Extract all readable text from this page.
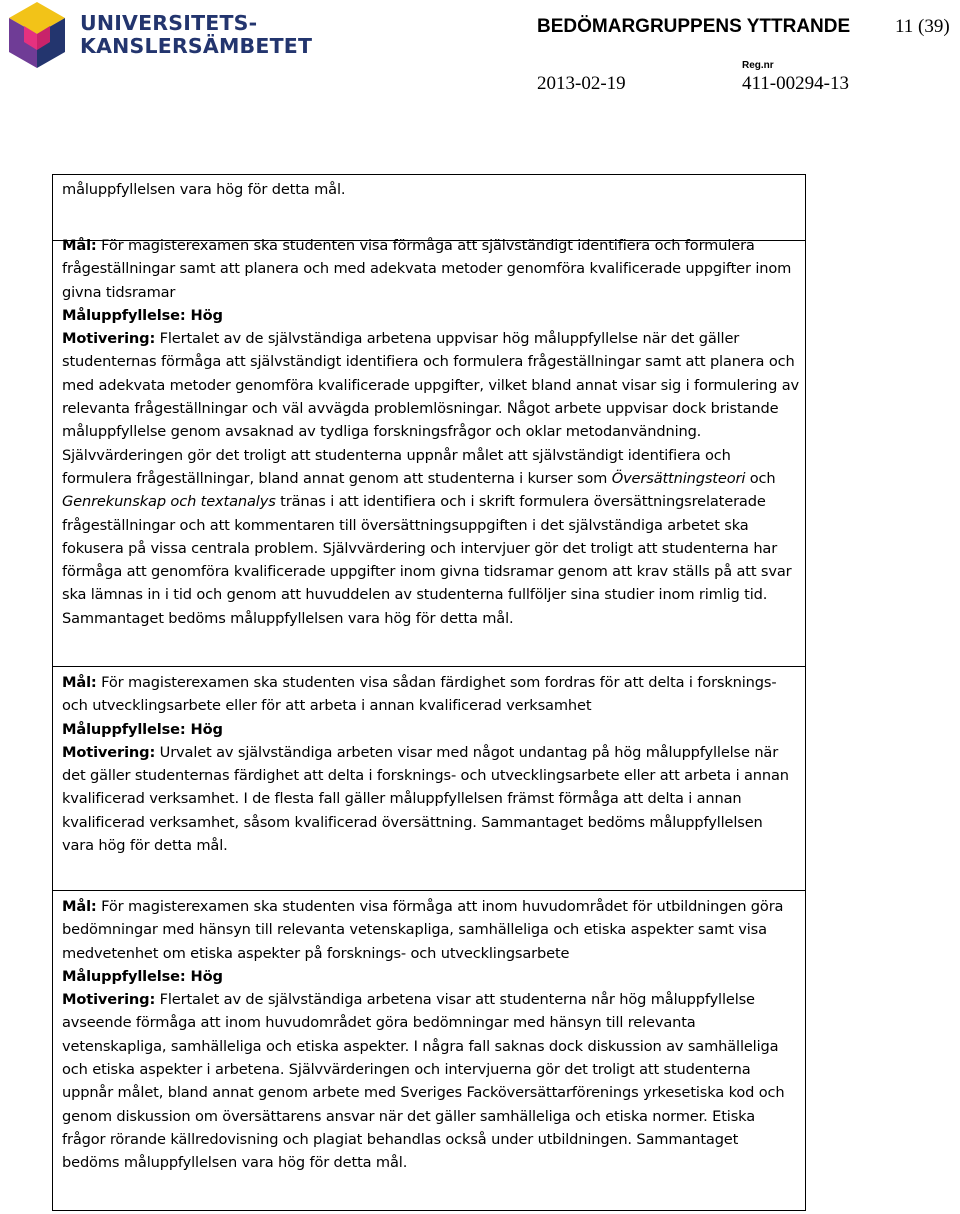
UNIVERSITETS-
KANSLERSÄMBETET
BEDÖMARGRUPPENS YTTRANDE 11 (39)
Reg.nr
2013-02-19	411-00294-13
måluppfyllelsen vara hög för detta mål.

Mål: För magisterexamen ska studenten visa förmåga att självständigt identifiera och formulera frågeställningar samt att planera och med adekvata metoder genomföra kvalificerade uppgifter inom givna tidsramar

Måluppfyllelse: Hög

Motivering: Flertalet av de självständiga arbetena uppvisar hög måluppfyllelse när det gäller studenternas förmåga att självständigt identifiera och formulera frågeställningar samt att planera och med adekvata metoder genomföra kvalificerade uppgifter, vilket bland annat visar sig i formulering av relevanta frågeställningar och väl avvägda problemlösningar. Något arbete uppvisar dock bristande måluppfyllelse genom avsaknad av tydliga forskningsfrågor och oklar metodanvändning. Självvärderingen gör det troligt att studenterna uppnår målet att självständigt identifiera och formulera frågeställningar, bland annat genom att studenterna i kurser som Översättningsteori och Genrekunskap och textanalys tränas i att identifiera och i skrift formulera översättningsrelaterade frågeställningar och att kommentaren till översättningsuppgiften i det självständiga arbetet ska fokusera på vissa centrala problem. Självvärdering och intervjuer gör det troligt att studenterna har förmåga att genomföra kvalificerade uppgifter inom givna tidsramar genom att krav ställs på att svar ska lämnas in i tid och genom att huvuddelen av studenterna fullföljer sina studier inom rimlig tid. Sammantaget bedöms måluppfyllelsen vara hög för detta mål.

Mål: För magisterexamen ska studenten visa sådan färdighet som fordras för att delta i forsknings- och utvecklingsarbete eller för att arbeta i annan kvalificerad verksamhet

Måluppfyllelse: Hög

Motivering: Urvalet av självständiga arbeten visar med något undantag på hög måluppfyllelse när det gäller studenternas färdighet att delta i forsknings- och utvecklingsarbete eller att arbeta i annan kvalificerad verksamhet. I de flesta fall gäller måluppfyllelsen främst förmåga att delta i annan kvalificerad verksamhet, såsom kvalificerad översättning. Sammantaget bedöms måluppfyllelsen vara hög för detta mål.

Mål: För magisterexamen ska studenten visa förmåga att inom huvudområdet för utbildningen göra bedömningar med hänsyn till relevanta vetenskapliga, samhälleliga och etiska aspekter samt visa medvetenhet om etiska aspekter på forsknings- och utvecklingsarbete

Måluppfyllelse: Hög

Motivering: Flertalet av de självständiga arbetena visar att studenterna når hög måluppfyllelse avseende förmåga att inom huvudområdet göra bedömningar med hänsyn till relevanta vetenskapliga, samhälleliga och etiska aspekter. I några fall saknas dock diskussion av samhälleliga och etiska aspekter i arbetena. Självvärderingen och intervjuerna gör det troligt att studenterna uppnår målet, bland annat genom arbete med Sveriges Facköversättarförenings yrkesetiska kod och genom diskussion om översättarens ansvar när det gäller samhälleliga och etiska normer. Etiska frågor rörande källredovisning och plagiat behandlas också under utbildningen. Sammantaget bedöms måluppfyllelsen vara hög för detta mål.
